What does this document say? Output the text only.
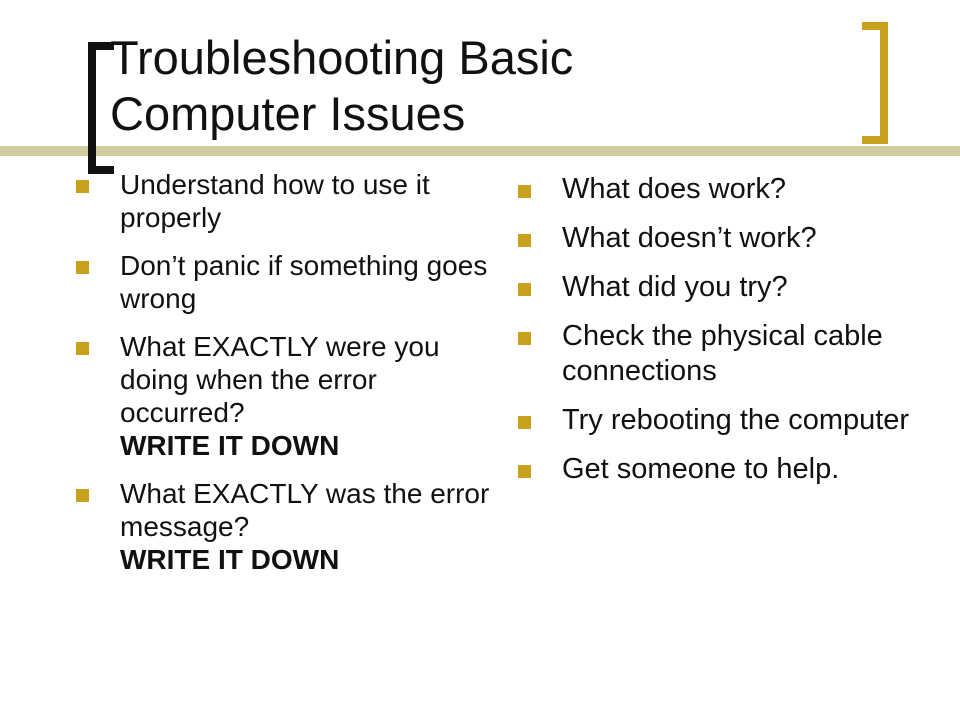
Troubleshooting Basic
Computer Issues
Understand how to use it properly
Don’t panic if something goes wrong
What EXACTLY were you doing when the error occurred?
WRITE IT DOWN
What EXACTLY was the error message?
WRITE IT DOWN
What does work?
What doesn’t work?
What did you try?
Check the physical cable connections
Try rebooting the computer
Get someone to help.
